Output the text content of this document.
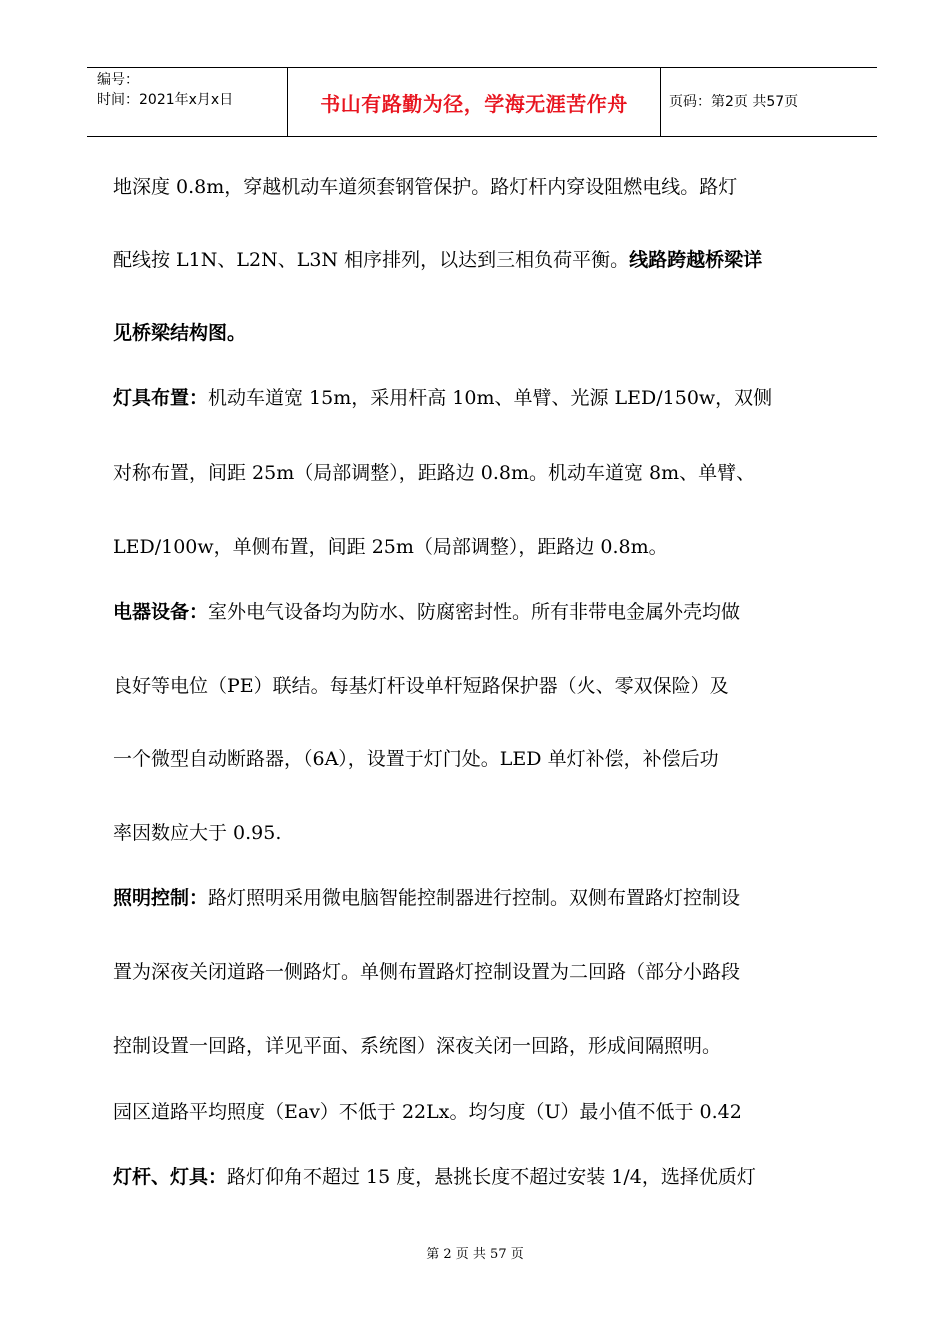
编号：
时间：2021年x月x日	书山有路勤为径，学海无涯苦作舟	页码：第2页 共57页
地深度 0.8m，穿越机动车道须套钢管保护。路灯杆内穿设阻燃电线。路灯
配线按 L1N、L2N、L3N 相序排列，以达到三相负荷平衡。线路跨越桥梁详
见桥梁结构图。
灯具布置：机动车道宽 15m，采用杆高 10m、单臂、光源 LED/150w，双侧
对称布置，间距 25m（局部调整），距路边 0.8m。机动车道宽 8m、单臂、
LED/100w，单侧布置，间距 25m（局部调整），距路边 0.8m。
电器设备：室外电气设备均为防水、防腐密封性。所有非带电金属外壳均做
良好等电位（PE）联结。每基灯杆设单杆短路保护器（火、零双保险）及
一个微型自动断路器，（6A），设置于灯门处。LED 单灯补偿，补偿后功
率因数应大于 0.95.
照明控制：路灯照明采用微电脑智能控制器进行控制。双侧布置路灯控制设
置为深夜关闭道路一侧路灯。单侧布置路灯控制设置为二回路（部分小路段
控制设置一回路，详见平面、系统图）深夜关闭一回路，形成间隔照明。
园区道路平均照度（Eav）不低于 22Lx。均匀度（U）最小值不低于 0.42
灯杆、灯具：路灯仰角不超过 15 度，悬挑长度不超过安装 1/4，选择优质灯
第 2 页 共 57 页
